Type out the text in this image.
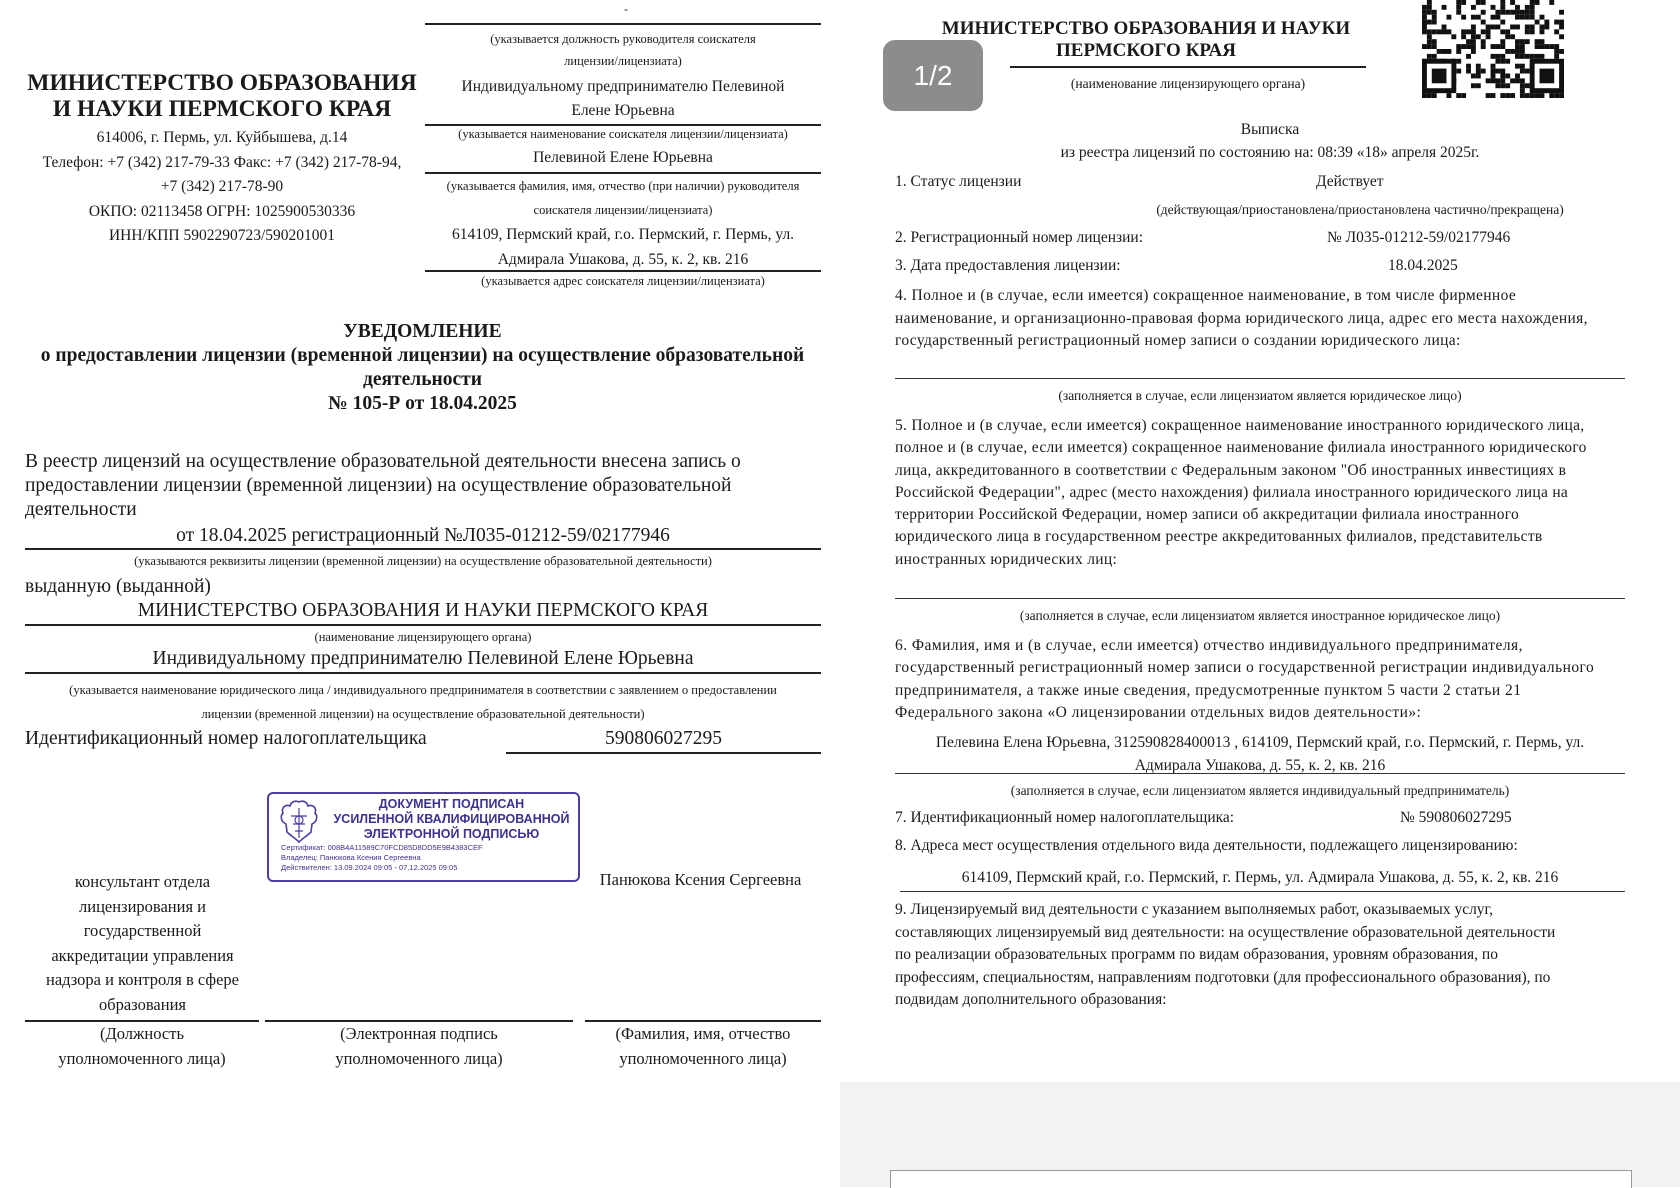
-
(указывается должность руководителя соискателя
лицензии/лицензиата)
Индивидуальному предпринимателю Пелевиной
Елене Юрьевна
(указывается наименование соискателя лицензии/лицензиата)
Пелевиной Елене Юрьевна
(указывается фамилия, имя, отчество (при наличии) руководителя
соискателя лицензии/лицензиата)
614109, Пермский край, г.о. Пермский, г. Пермь, ул.
Адмирала Ушакова, д. 55, к. 2, кв. 216
(указывается адрес соискателя лицензии/лицензиата)
МИНИСТЕРСТВО ОБРАЗОВАНИЯ
И НАУКИ ПЕРМСКОГО КРАЯ
614006, г. Пермь, ул. Куйбышева, д.14
Телефон: +7 (342) 217-79-33 Факс: +7 (342) 217-78-94,
+7 (342) 217-78-90
ОКПО: 02113458 ОГРН: 1025900530336
ИНН/КПП 5902290723/590201001
УВЕДОМЛЕНИЕ
о предоставлении лицензии (временной лицензии) на осуществление образовательной
деятельности
№ 105-Р от 18.04.2025
В реестр лицензий на осуществление образовательной деятельности внесена запись о
предоставлении лицензии (временной лицензии) на осуществление образовательной
деятельности
от 18.04.2025 регистрационный №Л035-01212-59/02177946
(указываются реквизиты лицензии (временной лицензии) на осуществление образовательной деятельности)
выданную (выданной)
МИНИСТЕРСТВО ОБРАЗОВАНИЯ И НАУКИ ПЕРМСКОГО КРАЯ
(наименование лицензирующего органа)
Индивидуальному предпринимателю Пелевиной Елене Юрьевна
(указывается наименование юридического лица / индивидуального предпринимателя в соответствии с заявлением о предоставлении
лицензии (временной лицензии) на осуществление образовательной деятельности)
Идентификационный номер налогоплательщика	590806027295
ДОКУМЕНТ ПОДПИСАН
УСИЛЕННОЙ КВАЛИФИЦИРОВАННОЙ
ЭЛЕКТРОННОЙ ПОДПИСЬЮ
Сертификат: 008B4A11589C70FCD85D8DD5E9B4383CEF
Владелец: Панюкова Ксения Сергеевна
Действителен: 13.09.2024 09:05 - 07.12.2025 09:05
консультант отдела
лицензирования и
государственной
аккредитации управления
надзора и контроля в сфере
образования
Панюкова Ксения Сергеевна
(Должность
уполномоченного лица)
(Электронная подпись
уполномоченного лица)
(Фамилия, имя, отчество
уполномоченного лица)
1/2
МИНИСТЕРСТВО ОБРАЗОВАНИЯ И НАУКИ
ПЕРМСКОГО КРАЯ
(наименование лицензирующего органа)
Выписка
из реестра лицензий по состоянию на: 08:39 «18» апреля 2025г.
1. Статус лицензии	Действует
(действующая/приостановлена/приостановлена частично/прекращена)
2. Регистрационный номер лицензии:	№ Л035-01212-59/02177946
3. Дата предоставления лицензии:	18.04.2025
4. Полное и (в случае, если имеется) сокращенное наименование, в том числе фирменное
наименование, и организационно-правовая форма юридического лица, адрес его места нахождения,
государственный регистрационный номер записи о создании юридического лица:
(заполняется в случае, если лицензиатом является юридическое лицо)
5. Полное и (в случае, если имеется) сокращенное наименование иностранного юридического лица,
полное и (в случае, если имеется) сокращенное наименование филиала иностранного юридического
лица, аккредитованного в соответствии с Федеральным законом "Об иностранных инвестициях в
Российской Федерации", адрес (место нахождения) филиала иностранного юридического лица на
территории Российской Федерации, номер записи об аккредитации филиала иностранного
юридического лица в государственном реестре аккредитованных филиалов, представительств
иностранных юридических лиц:
(заполняется в случае, если лицензиатом является иностранное юридическое лицо)
6. Фамилия, имя и (в случае, если имеется) отчество индивидуального предпринимателя,
государственный регистрационный номер записи о государственной регистрации индивидуального
предпринимателя, а также иные сведения, предусмотренные пунктом 5 части 2 статьи 21
Федерального закона «О лицензировании отдельных видов деятельности»:
Пелевина Елена Юрьевна, 312590828400013 , 614109, Пермский край, г.о. Пермский, г. Пермь, ул.
Адмирала Ушакова, д. 55, к. 2, кв. 216
(заполняется в случае, если лицензиатом является индивидуальный предприниматель)
7. Идентификационный номер налогоплательщика:	№ 590806027295
8. Адреса мест осуществления отдельного вида деятельности, подлежащего лицензированию:
614109, Пермский край, г.о. Пермский, г. Пермь, ул. Адмирала Ушакова, д. 55, к. 2, кв. 216
9. Лицензируемый вид деятельности с указанием выполняемых работ, оказываемых услуг,
составляющих лицензируемый вид деятельности: на осуществление образовательной деятельности
по реализации образовательных программ по видам образования, уровням образования, по
профессиям, специальностям, направлениям подготовки (для профессионального образования), по
подвидам дополнительного образования:
